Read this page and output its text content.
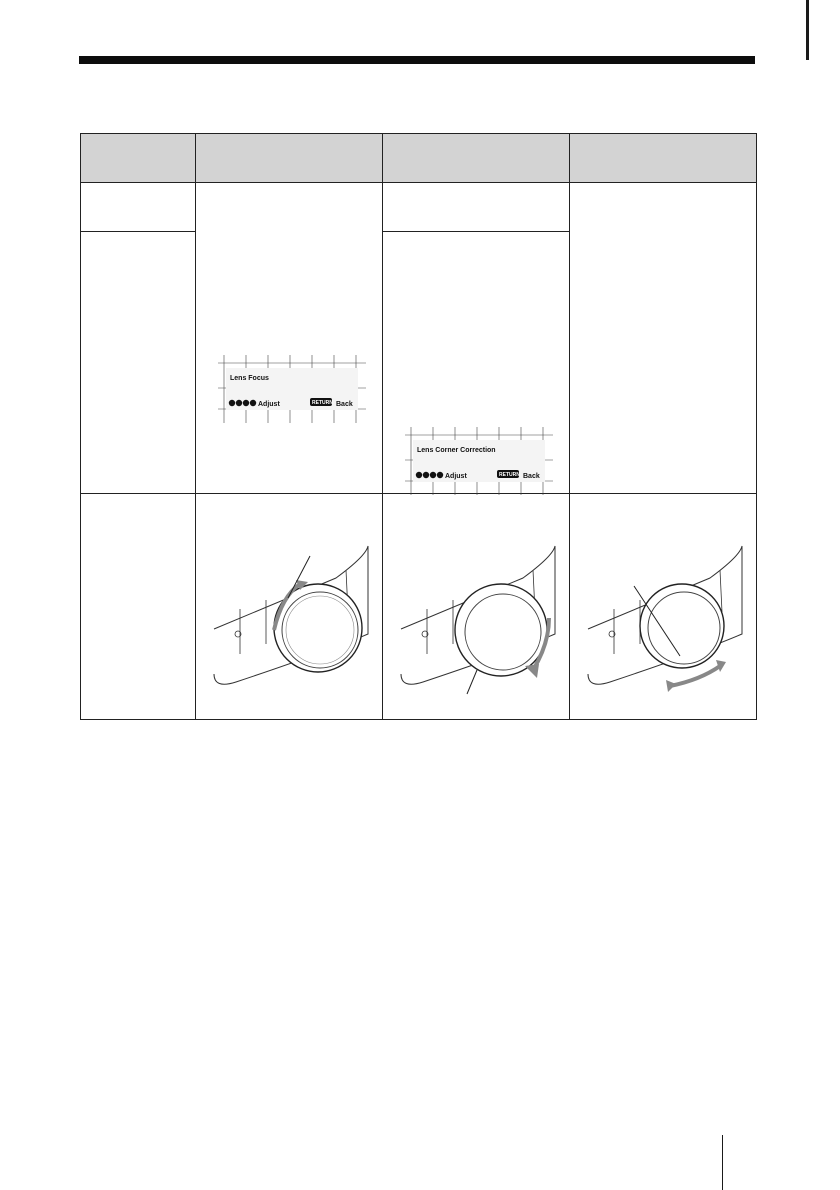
Lens Focus
Adjust RETURN Back		

Lens Corner Correction
Adjust RETURN Back	
